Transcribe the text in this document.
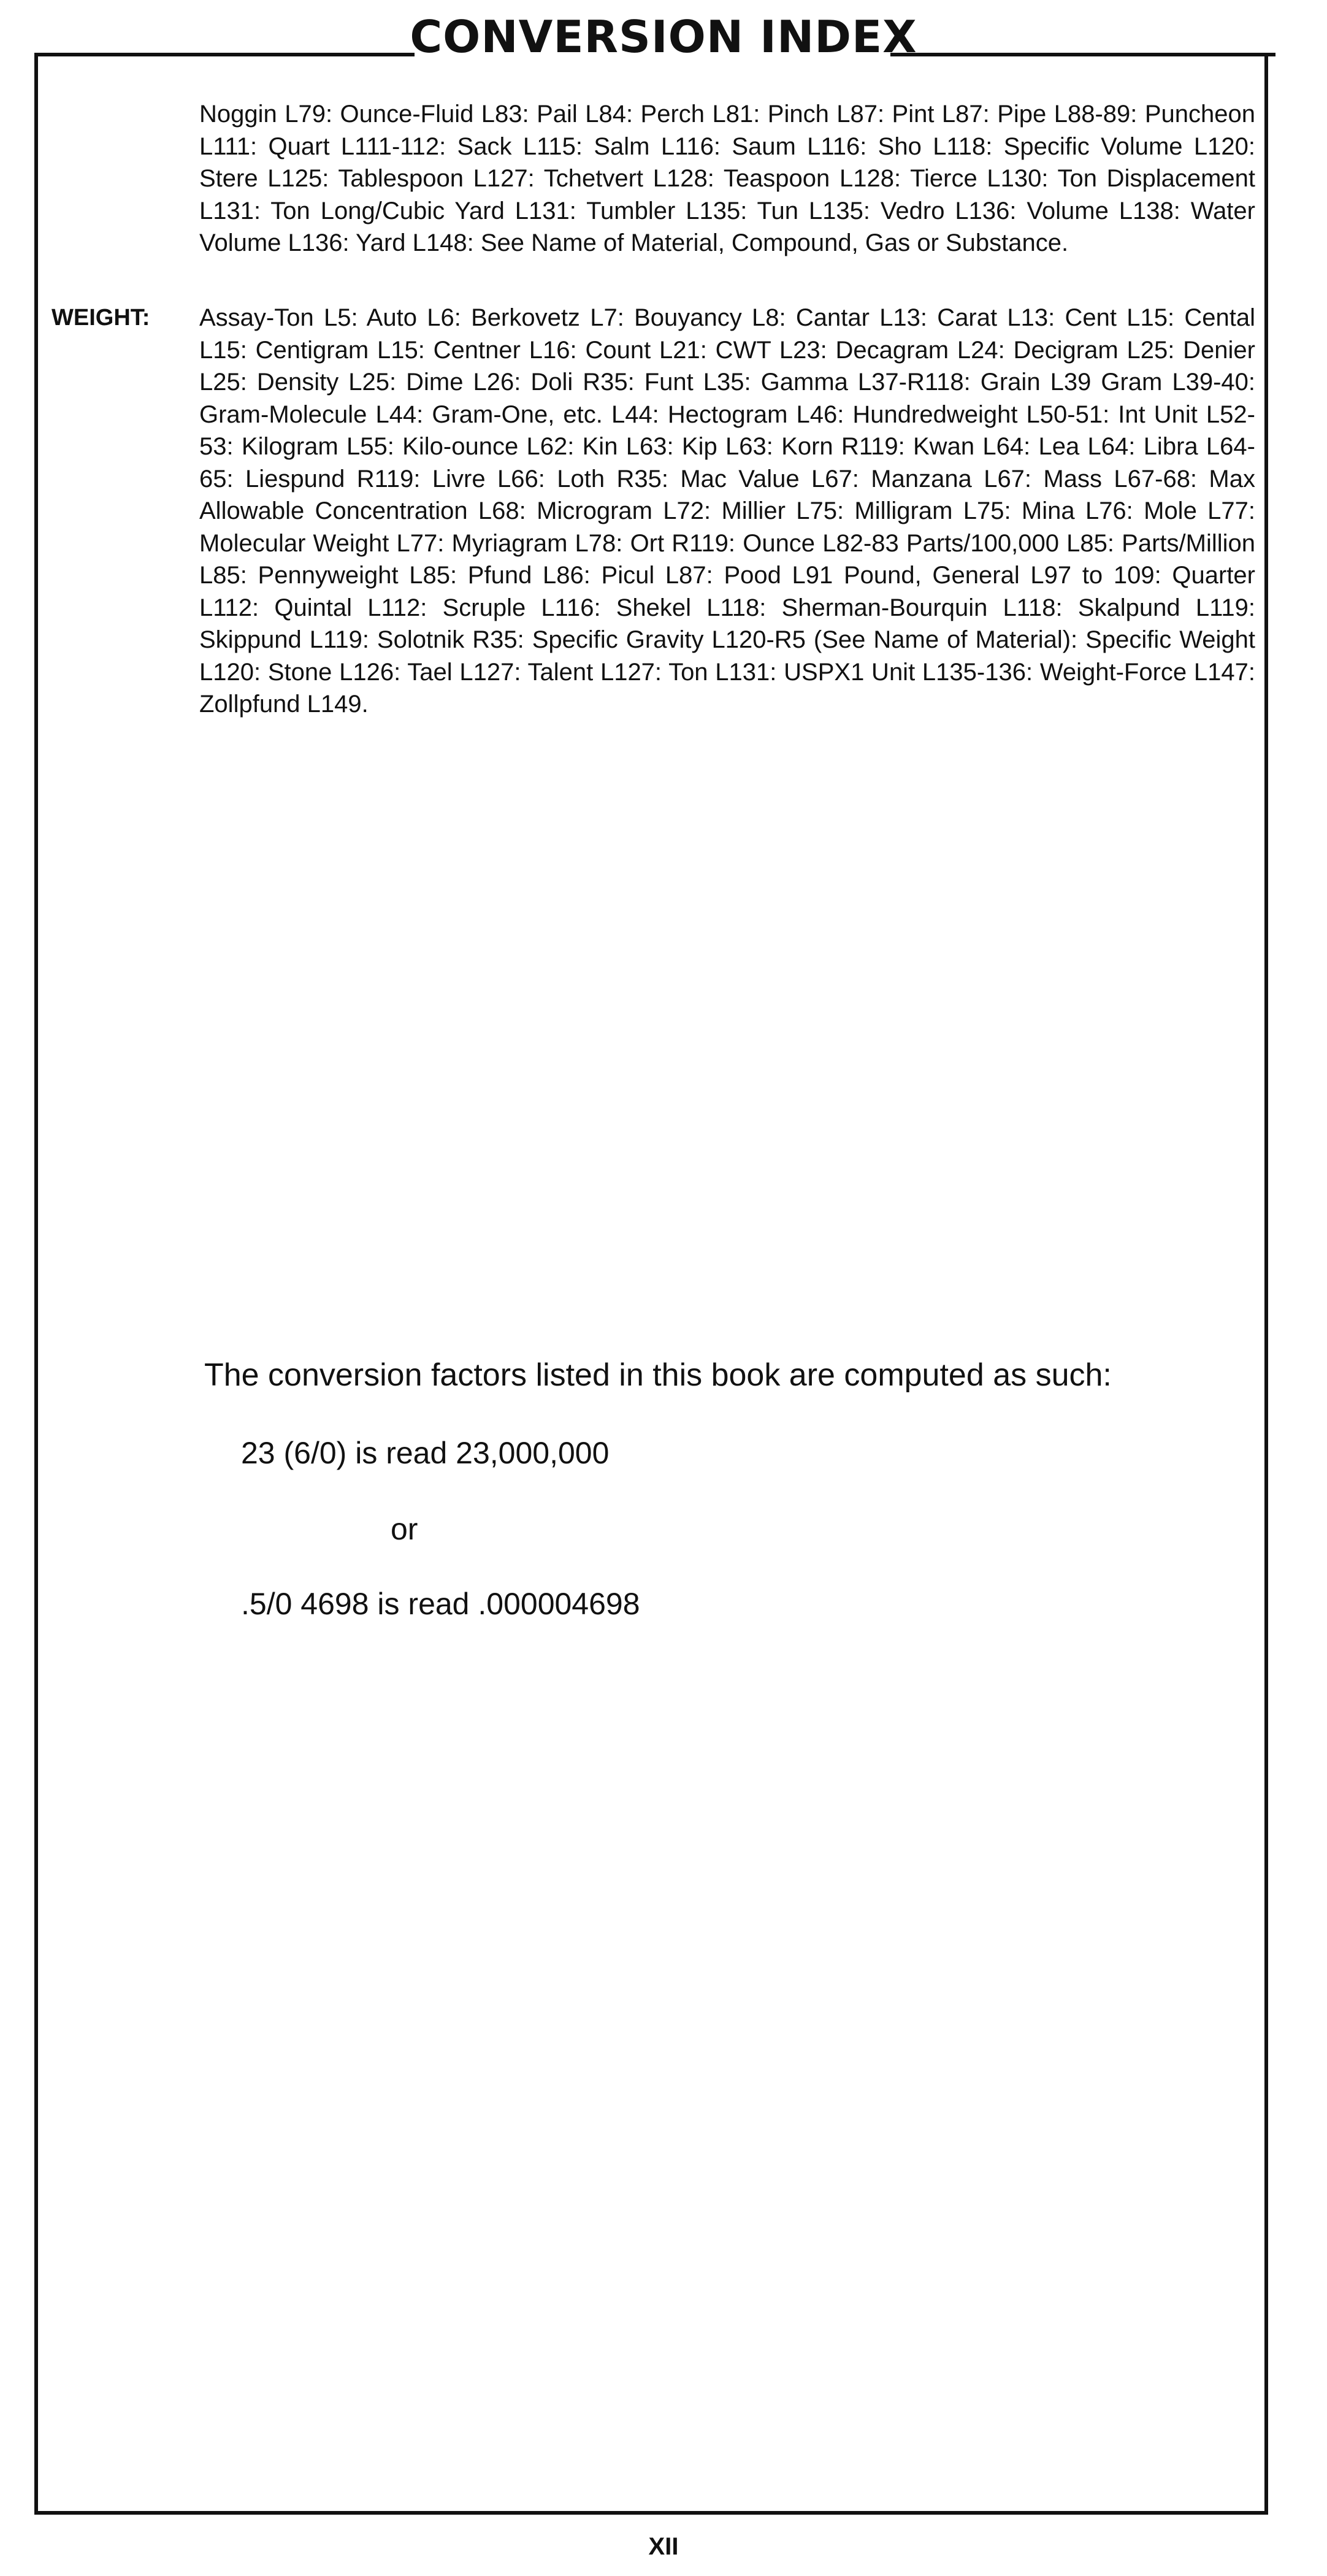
CONVERSION INDEX

Noggin L79: Ounce-Fluid L83: Pail L84: Perch L81: Pinch L87: Pint L87: Pipe L88-89: Puncheon L111: Quart L111-112: Sack L115: Salm L116: Saum L116: Sho L118: Specific Volume L120: Stere L125: Tablespoon L127: Tchetvert L128: Teaspoon L128: Tierce L130: Ton Displacement L131: Ton Long/Cubic Yard L131: Tumbler L135: Tun L135: Vedro L136: Volume L138: Water Volume L136: Yard L148: See Name of Material, Compound, Gas or Substance.

WEIGHT: Assay-Ton L5: Auto L6: Berkovetz L7: Bouyancy L8: Cantar L13: Carat L13: Cent L15: Cental L15: Centigram L15: Centner L16: Count L21: CWT L23: Decagram L24: Decigram L25: Denier L25: Density L25: Dime L26: Doli R35: Funt L35: Gamma L37-R118: Grain L39 Gram L39-40: Gram-Molecule L44: Gram-One, etc. L44: Hectogram L46: Hundredweight L50-51: Int Unit L52-53: Kilogram L55: Kilo-ounce L62: Kin L63: Kip L63: Korn R119: Kwan L64: Lea L64: Libra L64-65: Liespund R119: Livre L66: Loth R35: Mac Value L67: Manzana L67: Mass L67-68: Max Allowable Concentration L68: Microgram L72: Millier L75: Milligram L75: Mina L76: Mole L77: Molecular Weight L77: Myriagram L78: Ort R119: Ounce L82-83 Parts/100,000 L85: Parts/Million L85: Pennyweight L85: Pfund L86: Picul L87: Pood L91 Pound, General L97 to 109: Quarter L112: Quintal L112: Scruple L116: Shekel L118: Sherman-Bourquin L118: Skalpund L119: Skippund L119: Solotnik R35: Specific Gravity L120-R5 (See Name of Material): Specific Weight L120: Stone L126: Tael L127: Talent L127: Ton L131: USPX1 Unit L135-136: Weight-Force L147: Zollpfund L149.

The conversion factors listed in this book are computed as such:

23 (6/0) is read 23,000,000

or

.5/0 4698 is read .000004698

XII
